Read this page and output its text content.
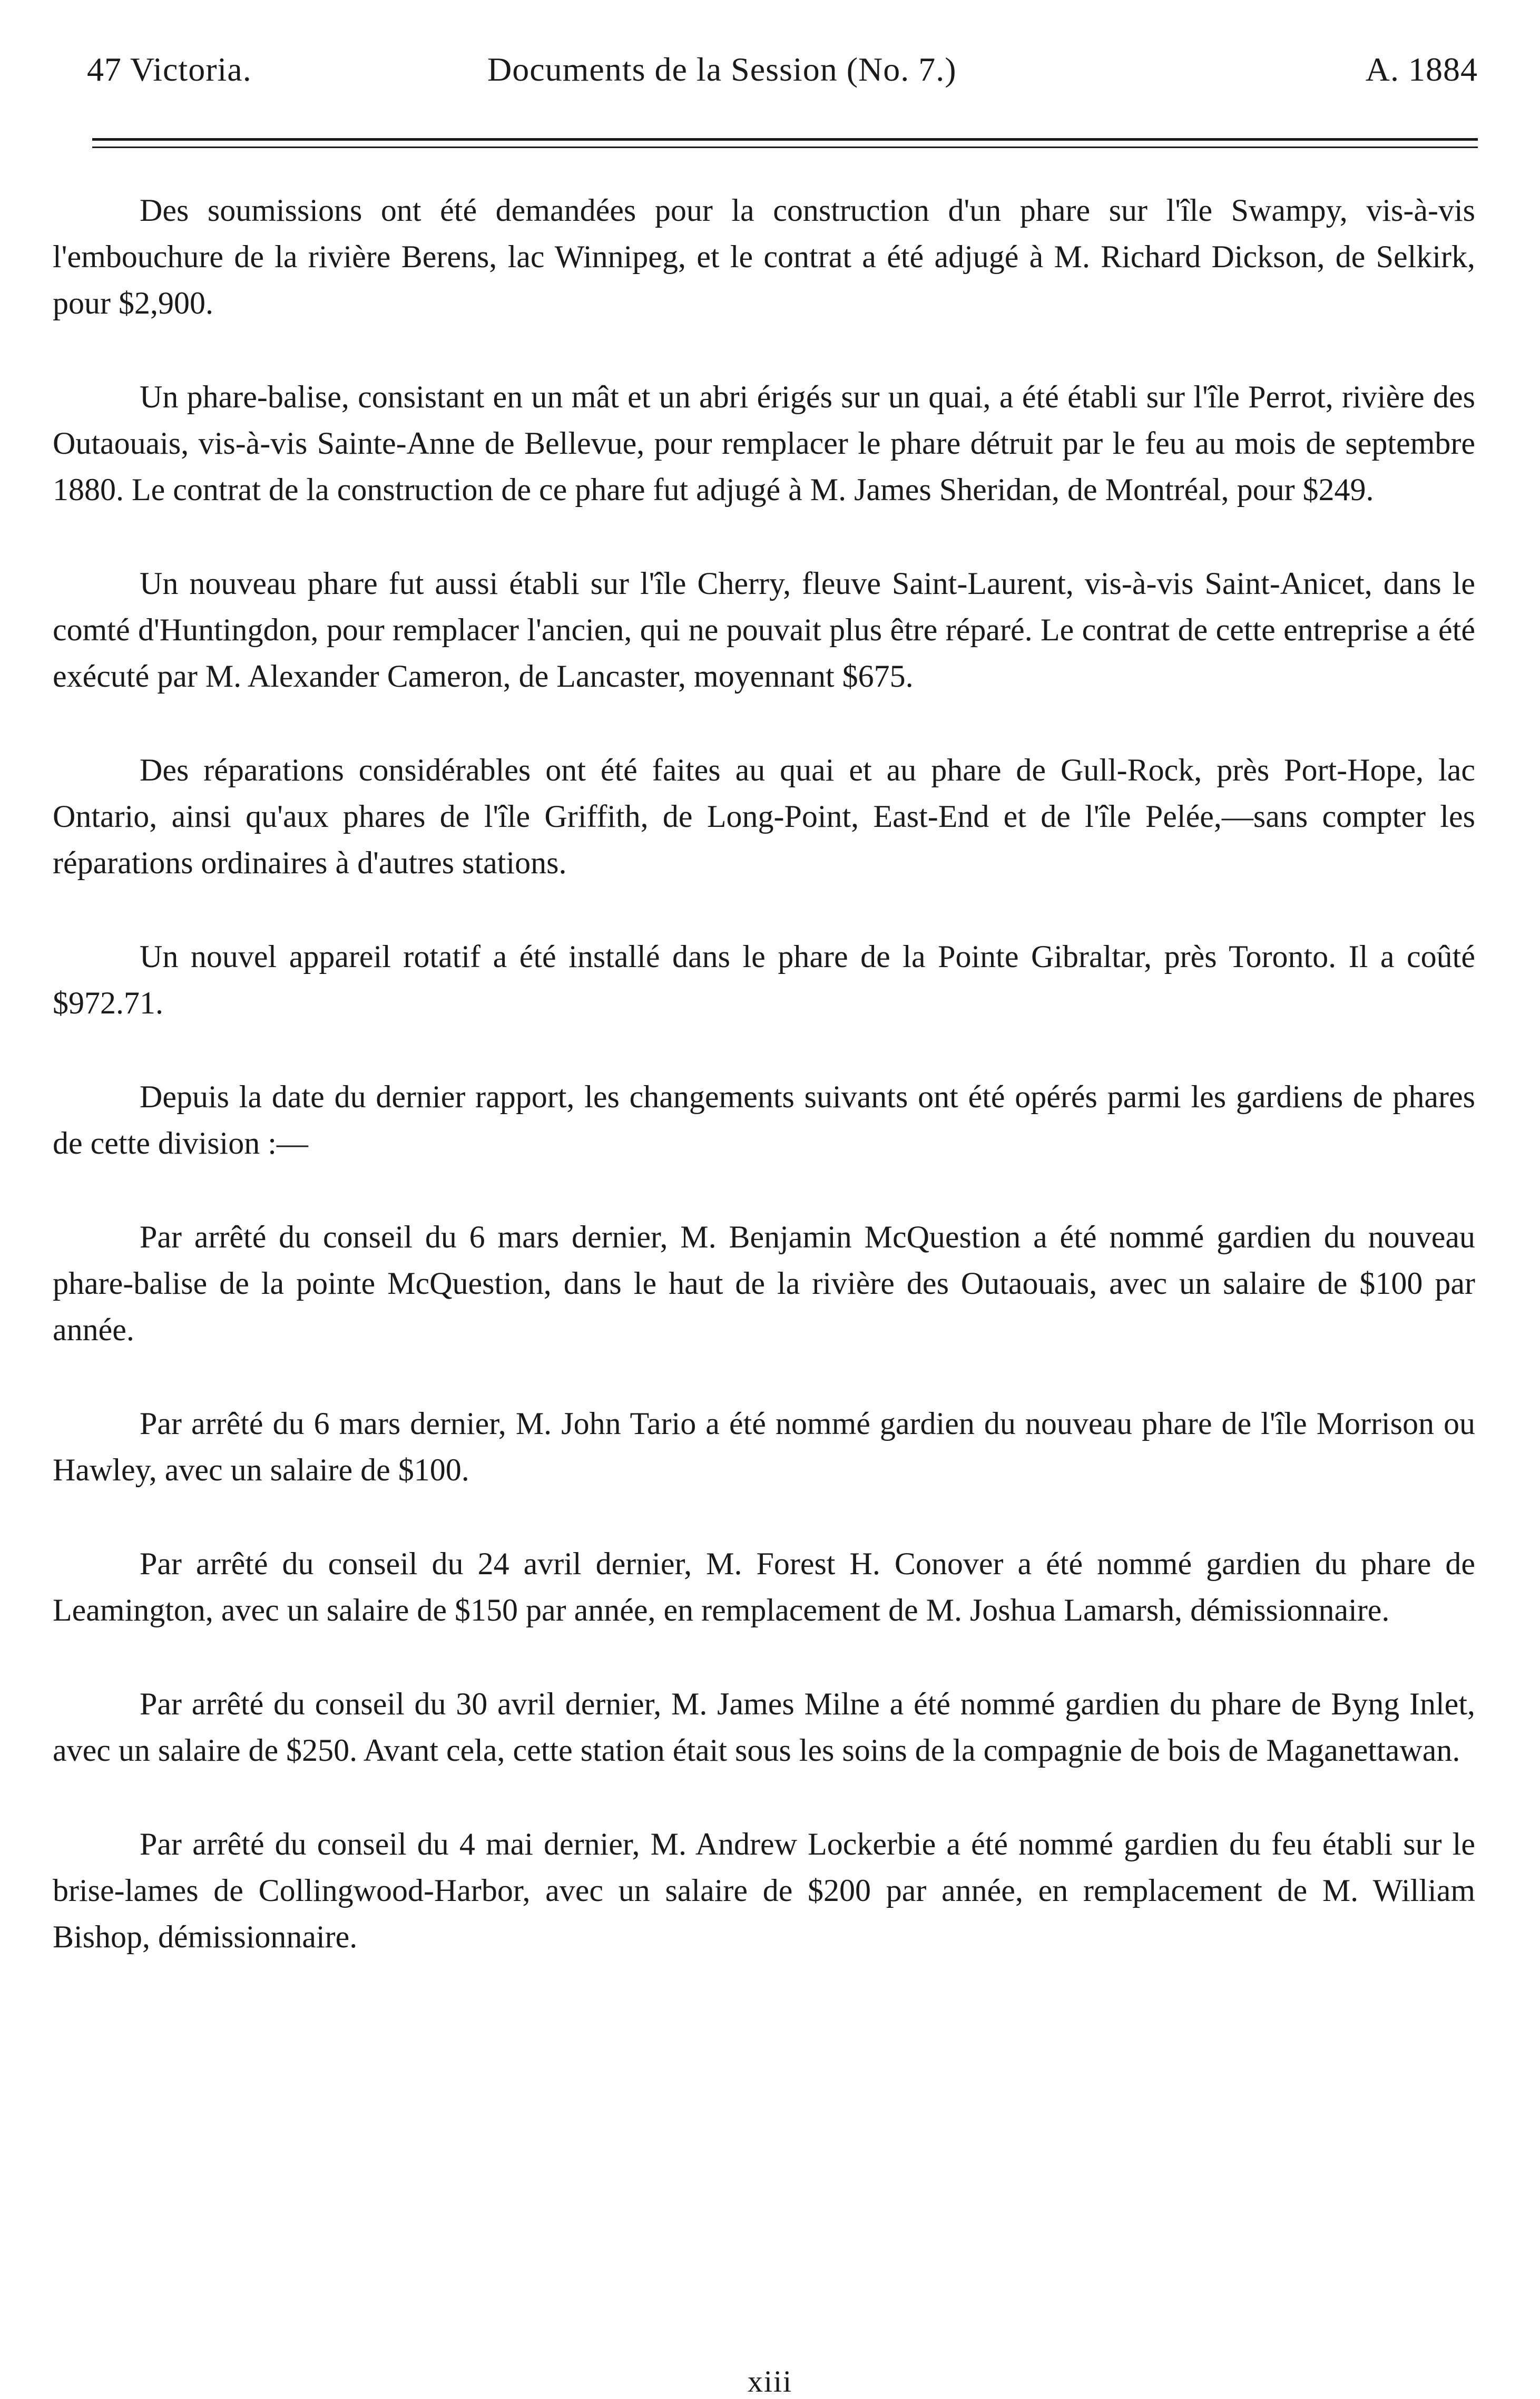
47 Victoria.	Documents de la Session (No. 7.)	A. 1884

Des soumissions ont été demandées pour la construction d'un phare sur l'île Swampy, vis-à-vis l'embouchure de la rivière Berens, lac Winnipeg, et le contrat a été adjugé à M. Richard Dickson, de Selkirk, pour $2,900.

Un phare-balise, consistant en un mât et un abri érigés sur un quai, a été établi sur l'île Perrot, rivière des Outaouais, vis-à-vis Sainte-Anne de Bellevue, pour remplacer le phare détruit par le feu au mois de septembre 1880. Le contrat de la construction de ce phare fut adjugé à M. James Sheridan, de Montréal, pour $249.

Un nouveau phare fut aussi établi sur l'île Cherry, fleuve Saint-Laurent, vis-à-vis Saint-Anicet, dans le comté d'Huntingdon, pour remplacer l'ancien, qui ne pouvait plus être réparé. Le contrat de cette entreprise a été exécuté par M. Alexander Cameron, de Lancaster, moyennant $675.

Des réparations considérables ont été faites au quai et au phare de Gull-Rock, près Port-Hope, lac Ontario, ainsi qu'aux phares de l'île Griffith, de Long-Point, East-End et de l'île Pelée,—sans compter les réparations ordinaires à d'autres stations.

Un nouvel appareil rotatif a été installé dans le phare de la Pointe Gibraltar, près Toronto. Il a coûté $972.71.

Depuis la date du dernier rapport, les changements suivants ont été opérés parmi les gardiens de phares de cette division :—

Par arrêté du conseil du 6 mars dernier, M. Benjamin McQuestion a été nommé gardien du nouveau phare-balise de la pointe McQuestion, dans le haut de la rivière des Outaouais, avec un salaire de $100 par année.

Par arrêté du 6 mars dernier, M. John Tario a été nommé gardien du nouveau phare de l'île Morrison ou Hawley, avec un salaire de $100.

Par arrêté du conseil du 24 avril dernier, M. Forest H. Conover a été nommé gardien du phare de Leamington, avec un salaire de $150 par année, en remplacement de M. Joshua Lamarsh, démissionnaire.

Par arrêté du conseil du 30 avril dernier, M. James Milne a été nommé gardien du phare de Byng Inlet, avec un salaire de $250. Avant cela, cette station était sous les soins de la compagnie de bois de Maganettawan.

Par arrêté du conseil du 4 mai dernier, M. Andrew Lockerbie a été nommé gardien du feu établi sur le brise-lames de Collingwood-Harbor, avec un salaire de $200 par année, en remplacement de M. William Bishop, démissionnaire.

xiii
